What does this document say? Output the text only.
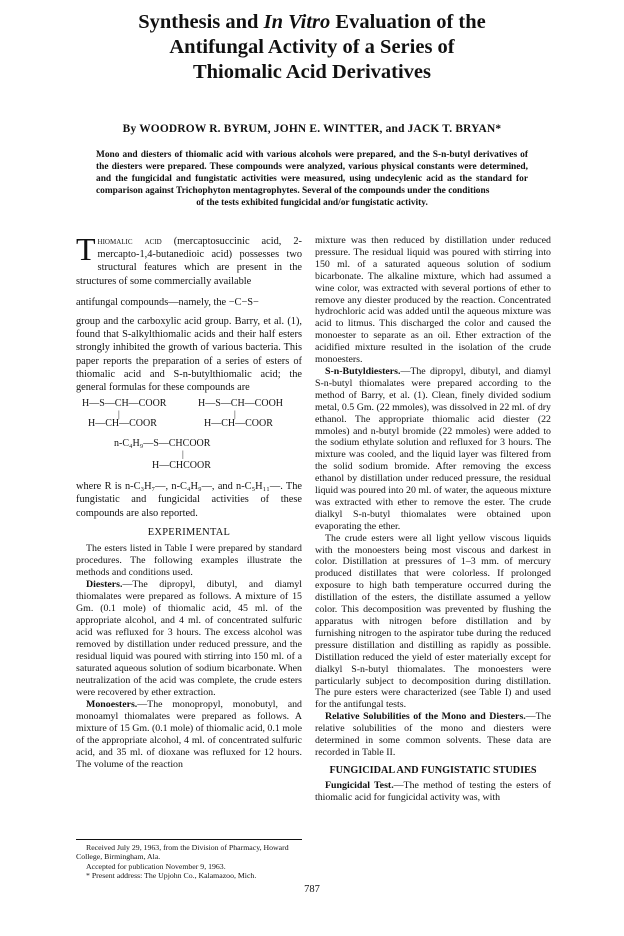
Synthesis and In Vitro Evaluation of the
Antifungal Activity of a Series of
Thiomalic Acid Derivatives
By WOODROW R. BYRUM, JOHN E. WINTTER, and JACK T. BRYAN*
Mono and diesters of thiomalic acid with various alcohols were prepared, and the S-n-butyl derivatives of the diesters were prepared. These compounds were analyzed, various physical constants were determined, and the fungicidal and fungistatic activities were measured, using undecylenic acid as the standard for comparison against Trichophyton mentagrophytes. Several of the compounds under the conditions
of the tests exhibited fungicidal and/or fungistatic activity.

Thiomalic acid (mercaptosuccinic acid, 2-mercapto-1,4-butanedioic acid) possesses two structural features which are present in the structures of some commercially available

antifungal compounds—namely, the −C−S−

group and the carboxylic acid group. Barry, et al. (1), found that S-alkylthiomalic acids and their half esters strongly inhibited the growth of various bacteria. This paper reports the preparation of a series of esters of thiomalic acid and S-n-butylthiomalic acid; the general formulas for these compounds are

H—S—CH—COOR
|
H—CH—COOR
H—S—CH—COOH
|
H—CH—COOR
n-C₄H₉—S—CHCOOR
|
H—CHCOOR

where R is n-C₃H₇—, n-C₄H₉—, and n-C₅H₁₁—. The fungistatic and fungicidal activities of these compounds are also reported.

EXPERIMENTAL

The esters listed in Table I were prepared by standard procedures. The following examples illustrate the methods and conditions used.

Diesters.—The dipropyl, dibutyl, and diamyl thiomalates were prepared as follows. A mixture of 15 Gm. (0.1 mole) of thiomalic acid, 45 ml. of the appropriate alcohol, and 4 ml. of concentrated sulfuric acid was refluxed for 3 hours. The excess alcohol was removed by distillation under reduced pressure, and the residual liquid was poured with stirring into 150 ml. of a saturated aqueous solution of sodium bicarbonate. When neutralization of the acid was complete, the crude esters were recovered by ether extraction.

Monoesters.—The monopropyl, monobutyl, and monoamyl thiomalates were prepared as follows. A mixture of 15 Gm. (0.1 mole) of thiomalic acid, 0.1 mole of the appropriate alcohol, 4 ml. of concentrated sulfuric acid, and 35 ml. of dioxane was refluxed for 12 hours. The volume of the reaction

Received July 29, 1963, from the Division of Pharmacy, Howard College, Birmingham, Ala.

Accepted for publication November 9, 1963.

* Present address: The Upjohn Co., Kalamazoo, Mich.

mixture was then reduced by distillation under reduced pressure. The residual liquid was poured with stirring into 150 ml. of a saturated aqueous solution of sodium bicarbonate. The alkaline mixture, which had assumed a wine color, was extracted with several portions of ether to remove any diester produced by the reaction. Concentrated hydrochloric acid was added until the aqueous mixture was acid to litmus. This discharged the color and caused the monoester to separate as an oil. Ether extraction of the acidified mixture resulted in the isolation of the crude monoesters.

S-n-Butyldiesters.—The dipropyl, dibutyl, and diamyl S-n-butyl thiomalates were prepared according to the method of Barry, et al. (1). Clean, finely divided sodium metal, 0.5 Gm. (22 mmoles), was dissolved in 22 ml. of dry ethanol. The appropriate thiomalic acid diester (22 mmoles) and n-butyl bromide (22 mmoles) were added to the sodium ethylate solution and refluxed for 3 hours. The mixture was cooled, and the liquid layer was filtered from the solid sodium bromide. After removing the excess ethanol by distillation under reduced pressure, the residual liquid was poured into 20 ml. of water, the aqueous mixture was extracted with ether to remove the ester. The crude dialkyl S-n-butyl thiomalates were obtained upon evaporating the ether.

The crude esters were all light yellow viscous liquids with the monoesters being most viscous and darkest in color. Distillation at pressures of 1–3 mm. of mercury produced distillates that were colorless. If prolonged exposure to high bath temperature occurred during the distillation of the esters, the distillate assumed a yellow color. This decomposition was prevented by flushing the apparatus with nitrogen before distillation and by furnishing nitrogen to the aspirator tube during the reduced pressure distillation and distilling as rapidly as possible. Distillation reduced the yield of ester materially except for dialkyl S-n-butyl thiomalates. The monoesters were particularly subject to decomposition during distillation. The pure esters were characterized (see Table I) and used for the antifungal tests.

Relative Solubilities of the Mono and Diesters.—The relative solubilities of the mono and diesters were determined in some common solvents. These data are recorded in Table II.

FUNGICIDAL AND FUNGISTATIC STUDIES

Fungicidal Test.—The method of testing the esters of thiomalic acid for fungicidal activity was, with

787
